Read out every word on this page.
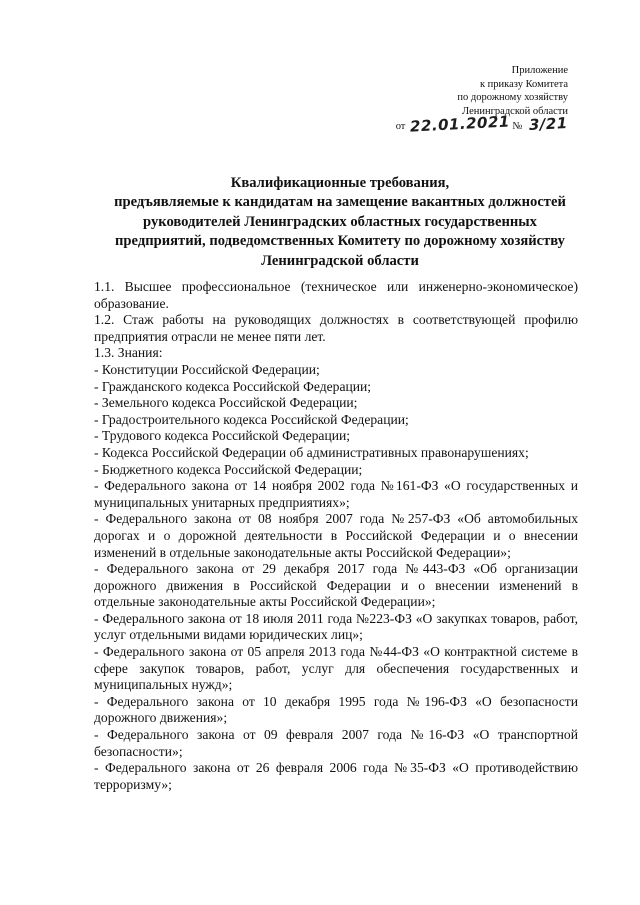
Приложение
к приказу Комитета
по дорожному хозяйству
Ленинградской области
от 22.01.2021 № 3/21
Квалификационные требования,
предъявляемые к кандидатам на замещение вакантных должностей
руководителей Ленинградских областных государственных
предприятий, подведомственных Комитету по дорожному хозяйству
Ленинградской области

1.1. Высшее профессиональное (техническое или инженерно-экономическое) образование.

1.2. Стаж работы на руководящих должностях в соответствующей профилю предприятия отрасли не менее пяти лет.

1.3. Знания:

- Конституции Российской Федерации;

- Гражданского кодекса Российской Федерации;

- Земельного кодекса Российской Федерации;

- Градостроительного кодекса Российской Федерации;

- Трудового кодекса Российской Федерации;

- Кодекса Российской Федерации об административных правонарушениях;

- Бюджетного кодекса Российской Федерации;

- Федерального закона от 14 ноября 2002 года №161-ФЗ «О государственных и муниципальных унитарных предприятиях»;

- Федерального закона от 08 ноября 2007 года №257-ФЗ «Об автомобильных дорогах и о дорожной деятельности в Российской Федерации и о внесении изменений в отдельные законодательные акты Российской Федерации»;

- Федерального закона от 29 декабря 2017 года №443-ФЗ «Об организации дорожного движения в Российской Федерации и о внесении изменений в отдельные законодательные акты Российской Федерации»;

- Федерального закона от 18 июля 2011 года №223-ФЗ «О закупках товаров, работ, услуг отдельными видами юридических лиц»;

- Федерального закона от 05 апреля 2013 года №44-ФЗ «О контрактной системе в сфере закупок товаров, работ, услуг для обеспечения государственных и муниципальных нужд»;

- Федерального закона от 10 декабря 1995 года №196-ФЗ «О безопасности дорожного движения»;

- Федерального закона от 09 февраля 2007 года №16-ФЗ «О транспортной безопасности»;

- Федерального закона от 26 февраля 2006 года №35-ФЗ «О противодействию терроризму»;
